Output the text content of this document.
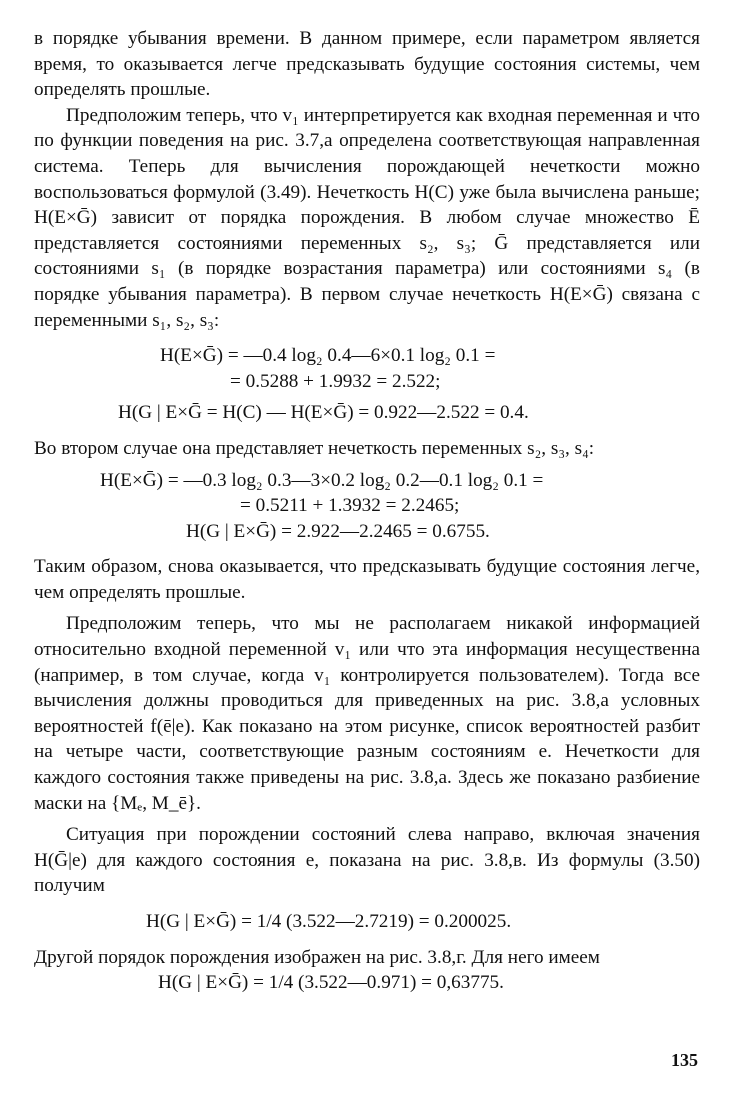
в порядке убывания времени. В данном примере, если параметром является время, то оказывается легче предсказывать будущие состояния системы, чем определять прошлые.

Предположим теперь, что v₁ интерпретируется как входная переменная и что по функции поведения на рис. 3.7,а определена соответствующая направленная система. Теперь для вычисления порождающей нечеткости можно воспользоваться формулой (3.49). Нечеткость H(C) уже была вычислена раньше; H(E×Ḡ) зависит от порядка порождения. В любом случае множество Ē представляется состояниями переменных s₂, s₃; Ḡ представляется или состояниями s₁ (в порядке возрастания параметра) или состояниями s₄ (в порядке убывания параметра). В первом случае нечеткость H(E×Ḡ) связана с переменными s₁, s₂, s₃:

H(E×Ḡ) = —0.4 log₂ 0.4—6×0.1 log₂ 0.1 =
= 0.5288 + 1.9932 = 2.522;
H(G | E×Ḡ = H(C) — H(E×Ḡ) = 0.922—2.522 = 0.4.

Во втором случае она представляет нечеткость переменных s₂, s₃, s₄:

H(E×Ḡ) = —0.3 log₂ 0.3—3×0.2 log₂ 0.2—0.1 log₂ 0.1 =
= 0.5211 + 1.3932 = 2.2465;
H(G | E×Ḡ) = 2.922—2.2465 = 0.6755.

Таким образом, снова оказывается, что предсказывать будущие состояния легче, чем определять прошлые.

Предположим теперь, что мы не располагаем никакой информацией относительно входной переменной v₁ или что эта информация несущественна (например, в том случае, когда v₁ контролируется пользователем). Тогда все вычисления должны проводиться для приведенных на рис. 3.8,а условных вероятностей f(ē|e). Как показано на этом рисунке, список вероятностей разбит на четыре части, соответствующие разным состояниям e. Нечеткости для каждого состояния также приведены на рис. 3.8,а. Здесь же показано разбиение маски на {Mₑ, M_ē}.

Ситуация при порождении состояний слева направо, включая значения H(Ḡ|e) для каждого состояния e, показана на рис. 3.8,в. Из формулы (3.50) получим

H(G | E×Ḡ) = 1/4 (3.522—2.7219) = 0.200025.

Другой порядок порождения изображен на рис. 3.8,г. Для него имеем

H(G | E×Ḡ) = 1/4 (3.522—0.971) = 0,63775.
135
